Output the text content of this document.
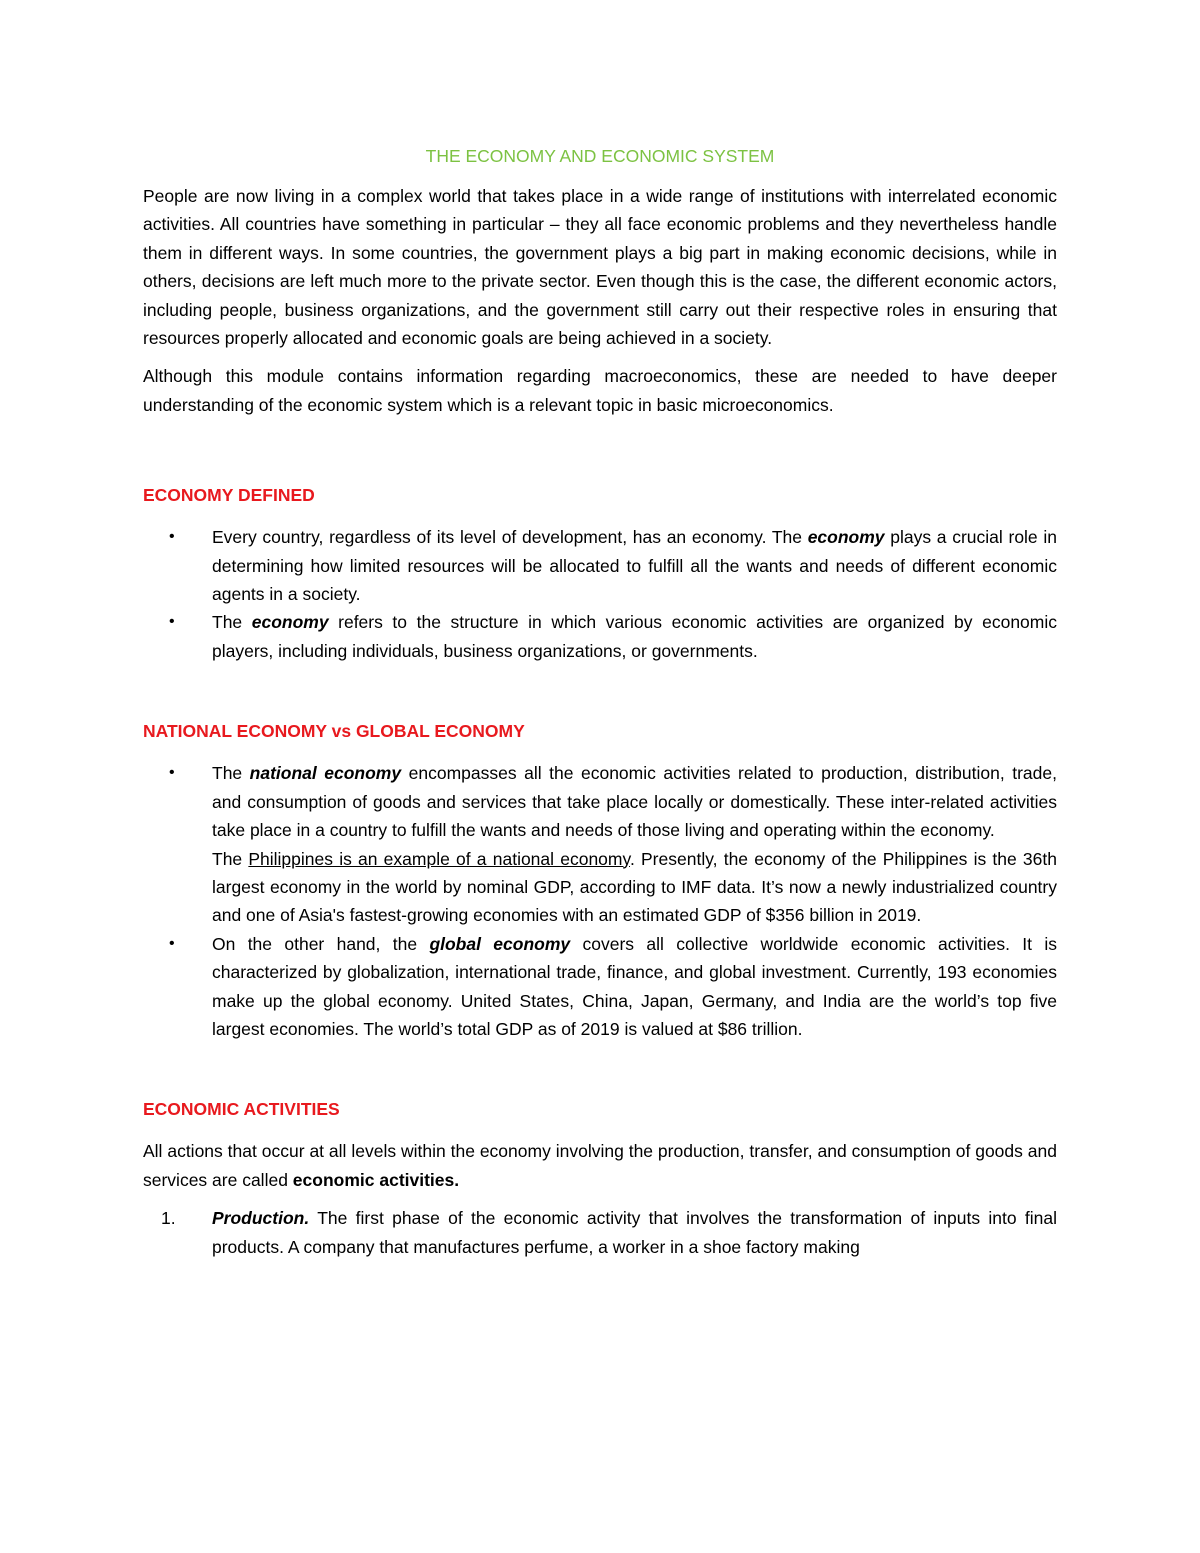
THE ECONOMY AND ECONOMIC SYSTEM

People are now living in a complex world that takes place in a wide range of institutions with interrelated economic activities. All countries have something in particular – they all face economic problems and they nevertheless handle them in different ways. In some countries, the government plays a big part in making economic decisions, while in others, decisions are left much more to the private sector. Even though this is the case, the different economic actors, including people, business organizations, and the government still carry out their respective roles in ensuring that resources properly allocated and economic goals are being achieved in a society.

Although this module contains information regarding macroeconomics, these are needed to have deeper understanding of the economic system which is a relevant topic in basic microeconomics.

ECONOMY DEFINED
• Every country, regardless of its level of development, has an economy. The economy plays a crucial role in determining how limited resources will be allocated to fulfill all the wants and needs of different economic agents in a society.
• The economy refers to the structure in which various economic activities are organized by economic players, including individuals, business organizations, or governments.
NATIONAL ECONOMY vs GLOBAL ECONOMY
• The national economy encompasses all the economic activities related to production, distribution, trade, and consumption of goods and services that take place locally or domestically. These inter-related activities take place in a country to fulfill the wants and needs of those living and operating within the economy.
The Philippines is an example of a national economy. Presently, the economy of the Philippines is the 36th largest economy in the world by nominal GDP, according to IMF data. It’s now a newly industrialized country and one of Asia's fastest-growing economies with an estimated GDP of $356 billion in 2019.
• On the other hand, the global economy covers all collective worldwide economic activities. It is characterized by globalization, international trade, finance, and global investment. Currently, 193 economies make up the global economy. United States, China, Japan, Germany, and India are the world’s top five largest economies. The world’s total GDP as of 2019 is valued at $86 trillion.
ECONOMIC ACTIVITIES

All actions that occur at all levels within the economy involving the production, transfer, and consumption of goods and services are called economic activities.

1. Production. The first phase of the economic activity that involves the transformation of inputs into final products. A company that manufactures perfume, a worker in a shoe factory making
